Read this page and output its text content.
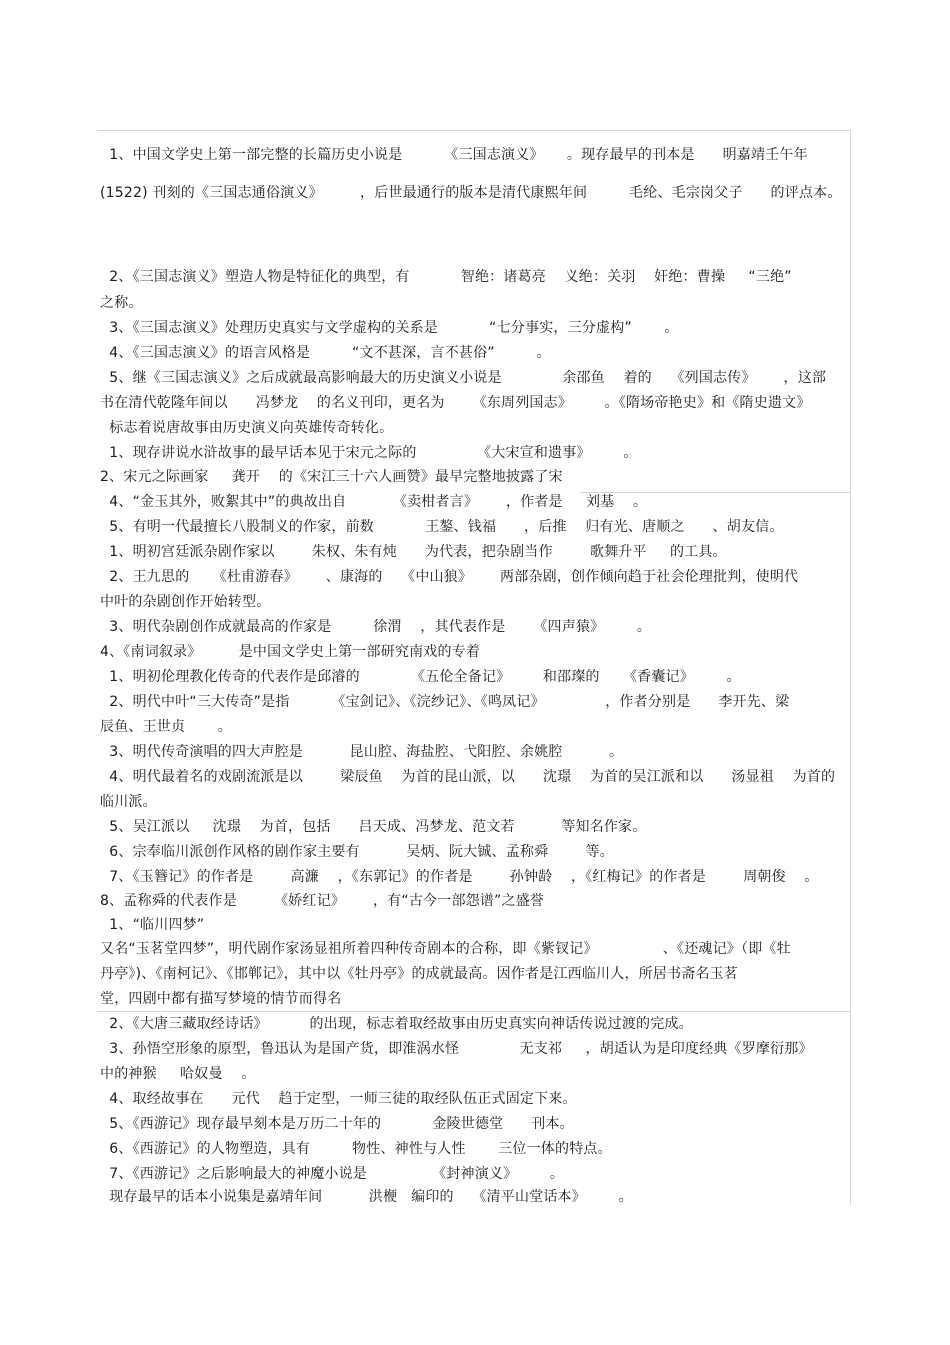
1、中国文学史上第一部完整的长篇历史小说是         《三国志演义》     。现存最早的刊本是      明嘉靖壬午年
(1522) 刊刻的《三国志通俗演义》        ，后世最通行的版本是清代康熙年间         毛纶、毛宗岗父子      的评点本。
2、《三国志演义》塑造人物是特征化的典型，有           智绝：诸葛亮    义绝：关羽    奸绝：曹操     “三绝”
之称。
3、《三国志演义》处理历史真实与文学虚构的关系是           “七分事实，三分虚构”       。
4、《三国志演义》的语言风格是         “文不甚深，言不甚俗”         。
5、继《三国志演义》之后成就最高影响最大的历史演义小说是             余邵鱼    着的    《列国志传》      ，这部
书在清代乾隆年间以      冯梦龙    的名义刊印，更名为      《东周列国志》       。《隋场帝艳史》和《隋史遗文》
标志着说唐故事由历史演义向英雄传奇转化。
1、现存讲说水浒故事的最早话本见于宋元之际的             《大宋宣和遗事》       。
2、宋元之际画家     龚开    的《宋江三十六人画赞》最早完整地披露了宋
4、“金玉其外，败絮其中”的典故出自          《卖柑者言》      ，作者是     刘基    。
5、有明一代最擅长八股制义的作家，前数           王鏊、钱福      ，后推    归有光、唐顺之      、胡友信。
1、明初宫廷派杂剧作家以        朱权、朱有炖      为代表，把杂剧当作        歌舞升平     的工具。
2、王九思的     《杜甫游春》      、康海的    《中山狼》      两部杂剧，创作倾向趋于社会伦理批判，使明代
中叶的杂剧创作开始转型。
3、明代杂剧创作成就最高的作家是         徐渭    ，其代表作是      《四声猿》       。
4、《南词叙录》        是中国文学史上第一部研究南戏的专着
1、明初伦理教化传奇的代表作是邱濬的           《五伦全备记》       和邵璨的     《香囊记》       。
2、明代中叶“三大传奇”是指         《宝剑记》、《浣纱记》、《鸣凤记》             ，作者分别是      李开先、梁
辰鱼、王世贞       。
3、明代传奇演唱的四大声腔是          昆山腔、海盐腔、弋阳腔、余姚腔          。
4、明代最着名的戏剧流派是以        梁辰鱼    为首的昆山派，以      沈璟    为首的吴江派和以      汤显祖    为首的
临川派。
5、吴江派以     沈璟    为首，包括      吕天成、冯梦龙、范文若          等知名作家。
6、宗奉临川派创作风格的剧作家主要有          吴炳、阮大铖、孟称舜        等。
7、《玉簪记》的作者是        高濂    ，《东郭记》的作者是        孙钟龄    ，《红梅记》的作者是        周朝俊    。
8、孟称舜的代表作是        《娇红记》      ，有“古今一部怨谱”之盛誉
1、“临川四梦”
又名“玉茗堂四梦”，明代剧作家汤显祖所着四种传奇剧本的合称，即《紫钗记》              、《还魂记》（即《牡
丹亭》)、《南柯记》、《邯郸记》，其中以《牡丹亭》的成就最高。因作者是江西临川人，所居书斋名玉茗
堂，四剧中都有描写梦境的情节而得名
2、《大唐三藏取经诗话》         的出现，标志着取经故事由历史真实向神话传说过渡的完成。
3、孙悟空形象的原型，鲁迅认为是国产货，即淮涡水怪             无支祁     ，胡适认为是印度经典《罗摩衍那》
中的神猴     哈奴曼    。
4、取经故事在      元代    趋于定型，一师三徒的取经队伍正式固定下来。
5、《西游记》现存最早刻本是万历二十年的           金陵世德堂      刊本。
6、《西游记》的人物塑造，具有         物性、神性与人性       三位一体的特点。
7、《西游记》之后影响最大的神魔小说是              《封神演义》       。
现存最早的话本小说集是嘉靖年间          洪楩   编印的    《清平山堂话本》       。
